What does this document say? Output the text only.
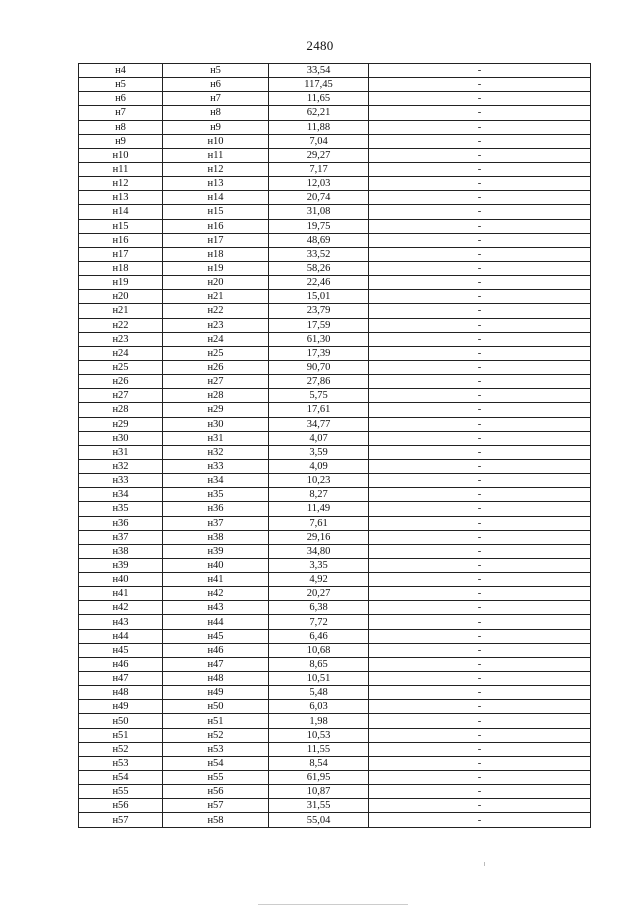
2480
н4	н5	33,54	-
н5	н6	117,45	-
н6	н7	11,65	-
н7	н8	62,21	-
н8	н9	11,88	-
н9	н10	7,04	-
н10	н11	29,27	-
н11	н12	7,17	-
н12	н13	12,03	-
н13	н14	20,74	-
н14	н15	31,08	-
н15	н16	19,75	-
н16	н17	48,69	-
н17	н18	33,52	-
н18	н19	58,26	-
н19	н20	22,46	-
н20	н21	15,01	-
н21	н22	23,79	-
н22	н23	17,59	-
н23	н24	61,30	-
н24	н25	17,39	-
н25	н26	90,70	-
н26	н27	27,86	-
н27	н28	5,75	-
н28	н29	17,61	-
н29	н30	34,77	-
н30	н31	4,07	-
н31	н32	3,59	-
н32	н33	4,09	-
н33	н34	10,23	-
н34	н35	8,27	-
н35	н36	11,49	-
н36	н37	7,61	-
н37	н38	29,16	-
н38	н39	34,80	-
н39	н40	3,35	-
н40	н41	4,92	-
н41	н42	20,27	-
н42	н43	6,38	-
н43	н44	7,72	-
н44	н45	6,46	-
н45	н46	10,68	-
н46	н47	8,65	-
н47	н48	10,51	-
н48	н49	5,48	-
н49	н50	6,03	-
н50	н51	1,98	-
н51	н52	10,53	-
н52	н53	11,55	-
н53	н54	8,54	-
н54	н55	61,95	-
н55	н56	10,87	-
н56	н57	31,55	-
н57	н58	55,04	-
